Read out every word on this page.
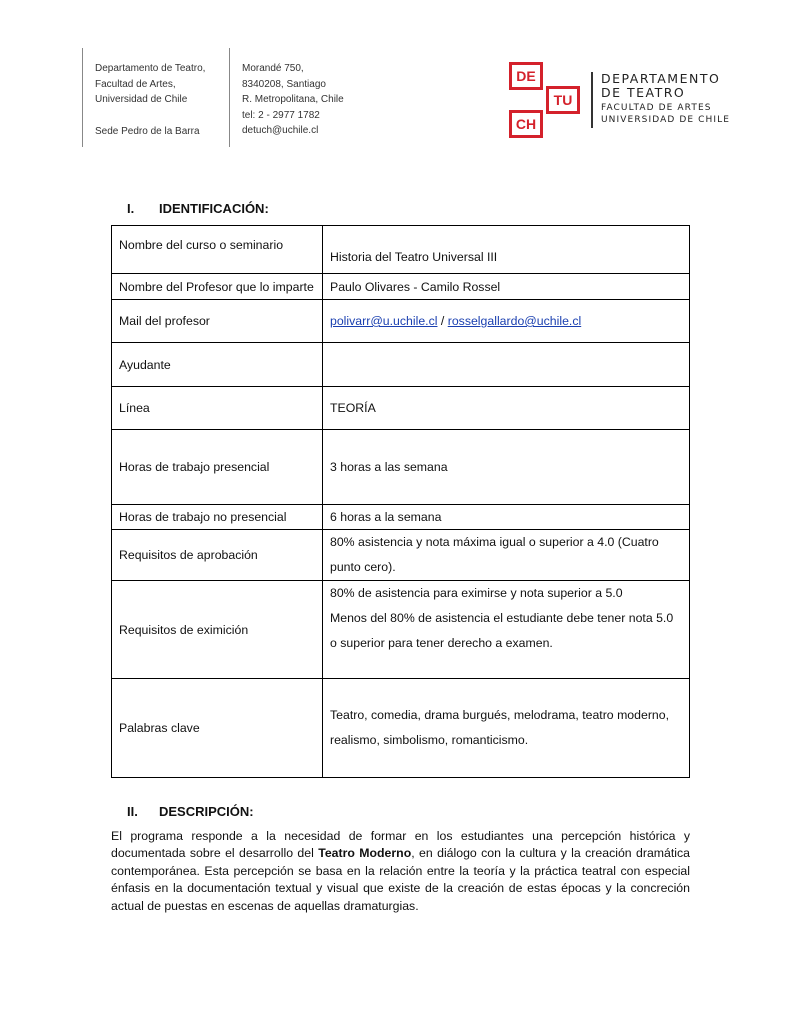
Departamento de Teatro,
Facultad de Artes,
Universidad de Chile
Sede Pedro de la Barra
Morandé 750,
8340208, Santiago
R. Metropolitana, Chile
tel: 2 - 2977 1782
detuch@uchile.cl
DE
TU
CH
DEPARTAMENTO
DE TEATRO
FACULTAD DE ARTES
UNIVERSIDAD DE CHILE
I. IDENTIFICACIÓN:
Nombre del curso o seminario	Historia del Teatro Universal III

Nombre del Profesor que lo imparte	Paulo Olivares - Camilo Rossel
Mail del profesor	polivarr@u.uchile.cl / rosselgallardo@uchile.cl
Ayudante	
Línea	TEORÍA
Horas de trabajo presencial	3 horas a las semana
Horas de trabajo no presencial	6 horas a la semana
Requisitos de aprobación	80% asistencia y nota máxima igual o superior a 4.0 (Cuatro punto cero).

Requisitos de eximición	80% de asistencia para eximirse y nota superior a 5.0
Menos del 80% de asistencia el estudiante debe tener nota 5.0 o superior para tener derecho a examen.

Palabras clave	Teatro, comedia, drama burgués, melodrama, teatro moderno, realismo, simbolismo, romanticismo.
II. DESCRIPCIÓN:
El programa responde a la necesidad de formar en los estudiantes una percepción histórica y documentada sobre el desarrollo del Teatro Moderno, en diálogo con la cultura y la creación dramática contemporánea. Esta percepción se basa en la relación entre la teoría y la práctica teatral con especial énfasis en la documentación textual y visual que existe de la creación de estas épocas y la concreción actual de puestas en escenas de aquellas dramaturgias.
